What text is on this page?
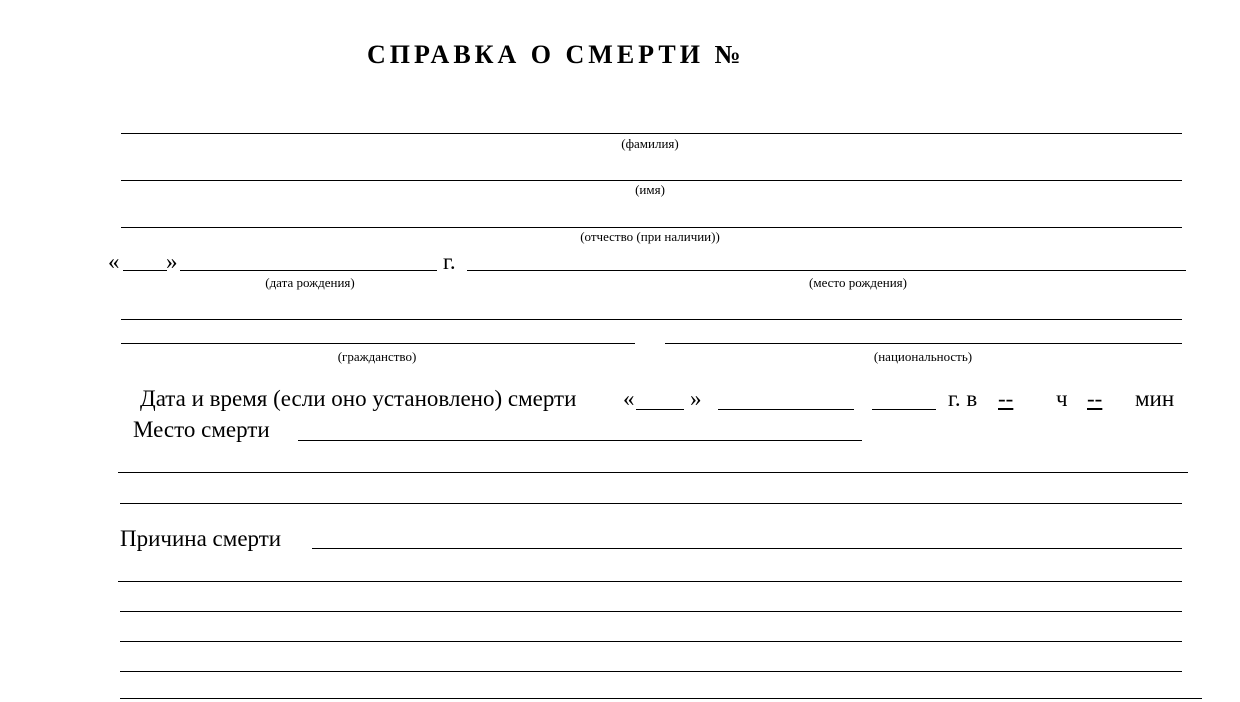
СПРАВКА О СМЕРТИ №
(фамилия)
(имя)
(отчество (при наличии))
« »	г.
(дата рождения)	(место рождения)
(гражданство)	(национальность)
Дата и время (если оно установлено) смерти « »	г. в -- ч -- мин
Место смерти
Причина смерти
